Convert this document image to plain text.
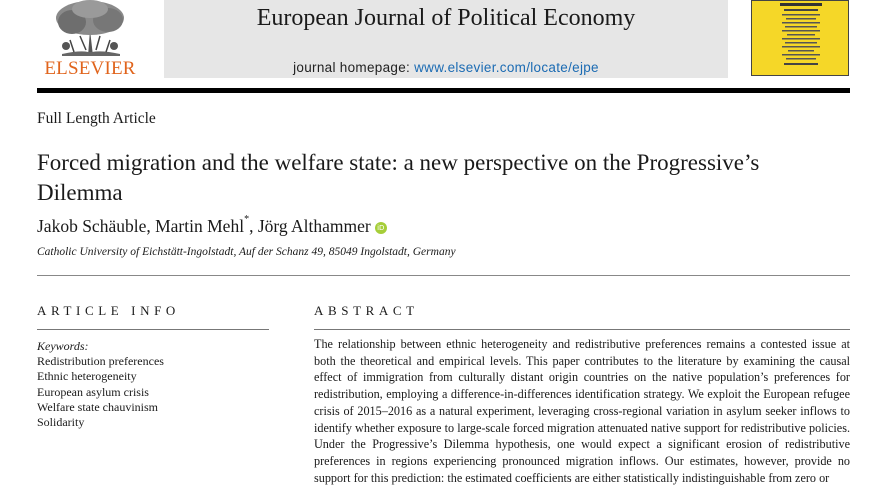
ELSEVIER
European Journal of Political Economy
journal homepage: www.elsevier.com/locate/ejpe
Full Length Article
Forced migration and the welfare state: a new perspective on the Progressive’s Dilemma
Jakob Schäuble, Martin Mehl*, Jörg Althammer iD
Catholic University of Eichstätt-Ingolstadt, Auf der Schanz 49, 85049 Ingolstadt, Germany
ARTICLE INFO
Keywords:
Redistribution preferences
Ethnic heterogeneity
European asylum crisis
Welfare state chauvinism
Solidarity
ABSTRACT
The relationship between ethnic heterogeneity and redistributive preferences remains a contested issue at both the theoretical and empirical levels. This paper contributes to the literature by examining the causal effect of immigration from culturally distant origin countries on the native population’s preferences for redistribution, employing a difference-in-differences identification strategy. We exploit the European refugee crisis of 2015–2016 as a natural experiment, leveraging cross-regional variation in asylum seeker inflows to identify whether exposure to large-scale forced migration attenuated native support for redistributive policies. Under the Progressive’s Dilemma hypothesis, one would expect a significant erosion of redistributive preferences in regions experiencing pronounced migration inflows. Our estimates, however, provide no support for this prediction: the estimated coefficients are either statistically indistinguishable from zero or
